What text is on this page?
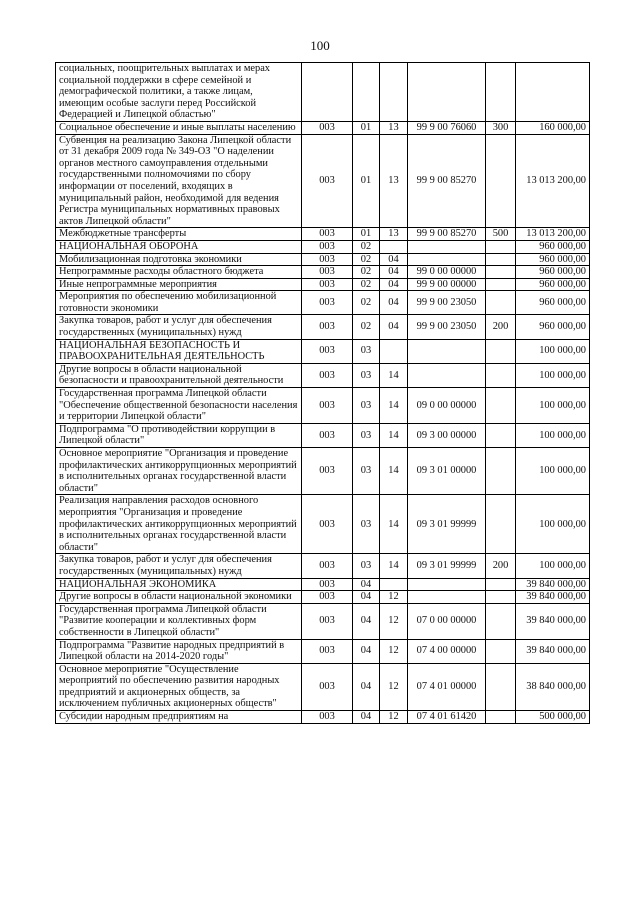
100
социальных, поощрительных выплатах и мерах социальной поддержки в сфере семейной и демографической политики, а также лицам, имеющим особые заслуги перед Российской Федерацией и Липецкой областью"						
Социальное обеспечение и иные выплаты населению	003	01	13	99 9 00 76060	300	160 000,00
Субвенция на реализацию Закона Липецкой области от 31 декабря 2009 года № 349-ОЗ "О наделении органов местного самоуправления отдельными государственными полномочиями по сбору информации от поселений, входящих в муниципальный район, необходимой для ведения Регистра муниципальных нормативных правовых актов Липецкой области"	003	01	13	99 9 00 85270		13 013 200,00
Межбюджетные трансферты	003	01	13	99 9 00 85270	500	13 013 200,00
НАЦИОНАЛЬНАЯ ОБОРОНА	003	02				960 000,00
Мобилизационная подготовка экономики	003	02	04			960 000,00
Непрограммные расходы областного бюджета	003	02	04	99 0 00 00000		960 000,00
Иные непрограммные мероприятия	003	02	04	99 9 00 00000		960 000,00
Мероприятия по обеспечению мобилизационной готовности экономики	003	02	04	99 9 00 23050		960 000,00
Закупка товаров, работ и услуг для обеспечения государственных (муниципальных) нужд	003	02	04	99 9 00 23050	200	960 000,00
НАЦИОНАЛЬНАЯ БЕЗОПАСНОСТЬ И ПРАВООХРАНИТЕЛЬНАЯ ДЕЯТЕЛЬНОСТЬ	003	03				100 000,00
Другие вопросы в области национальной безопасности и правоохранительной деятельности	003	03	14			100 000,00
Государственная программа Липецкой области "Обеспечение общественной безопасности населения и территории Липецкой области"	003	03	14	09 0 00 00000		100 000,00
Подпрограмма "О противодействии коррупции в Липецкой области"	003	03	14	09 3 00 00000		100 000,00
Основное мероприятие "Организация и проведение профилактических антикоррупционных мероприятий в исполнительных органах государственной власти области"	003	03	14	09 3 01 00000		100 000,00
Реализация направления расходов основного мероприятия "Организация и проведение профилактических антикоррупционных мероприятий в исполнительных органах государственной власти области"	003	03	14	09 3 01 99999		100 000,00
Закупка товаров, работ и услуг для обеспечения государственных (муниципальных) нужд	003	03	14	09 3 01 99999	200	100 000,00
НАЦИОНАЛЬНАЯ ЭКОНОМИКА	003	04				39 840 000,00
Другие вопросы в области национальной экономики	003	04	12			39 840 000,00
Государственная программа Липецкой области "Развитие кооперации и коллективных форм собственности в Липецкой области"	003	04	12	07 0 00 00000		39 840 000,00
Подпрограмма "Развитие народных предприятий в Липецкой области на 2014-2020 годы"	003	04	12	07 4 00 00000		39 840 000,00
Основное мероприятие "Осуществление мероприятий по обеспечению развития народных предприятий и акционерных обществ, за исключением публичных акционерных обществ"	003	04	12	07 4 01 00000		38 840 000,00
Субсидии народным предприятиям на	003	04	12	07 4 01 61420		500 000,00
